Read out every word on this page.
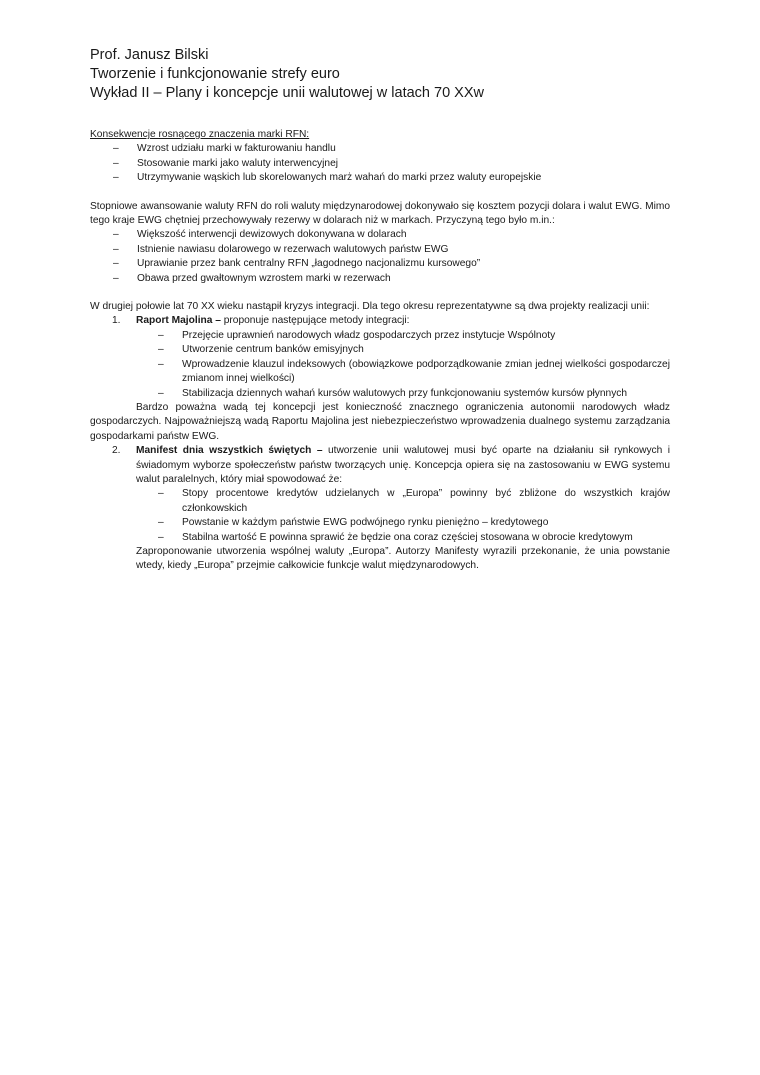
Prof. Janusz Bilski
Tworzenie i funkcjonowanie strefy euro
Wykład II – Plany i koncepcje unii walutowej w latach 70 XXw
Konsekwencje rosnącego znaczenia marki RFN:
– Wzrost udziału marki w fakturowaniu handlu
– Stosowanie marki jako waluty interwencyjnej
– Utrzymywanie wąskich lub skorelowanych marż wahań do marki przez waluty europejskie
Stopniowe awansowanie waluty RFN do roli waluty międzynarodowej dokonywało się kosztem pozycji dolara i walut EWG. Mimo tego kraje EWG chętniej przechowywały rezerwy w dolarach niż w markach. Przyczyną tego było m.in.:
– Większość interwencji dewizowych dokonywana w dolarach
– Istnienie nawiasu dolarowego w rezerwach walutowych państw EWG
– Uprawianie przez bank centralny RFN „łagodnego nacjonalizmu kursowego”
– Obawa przed gwałtownym wzrostem marki w rezerwach
W drugiej połowie lat 70 XX wieku nastąpił kryzys integracji. Dla tego okresu reprezentatywne są dwa projekty realizacji unii:
1. Raport Majolina – proponuje następujące metody integracji:
– Przejęcie uprawnień narodowych władz gospodarczych przez instytucje Wspólnoty
– Utworzenie centrum banków emisyjnych
– Wprowadzenie klauzul indeksowych (obowiązkowe podporządkowanie zmian jednej wielkości gospodarczej zmianom innej wielkości)
– Stabilizacja dziennych wahań kursów walutowych przy funkcjonowaniu systemów kursów płynnych
Bardzo poważna wadą tej koncepcji jest konieczność znacznego ograniczenia autonomii narodowych władz gospodarczych. Najpoważniejszą wadą Raportu Majolina jest niebezpieczeństwo wprowadzenia dualnego systemu zarządzania gospodarkami państw EWG.
2. Manifest dnia wszystkich świętych – utworzenie unii walutowej musi być oparte na działaniu sił rynkowych i świadomym wyborze społeczeństw państw tworzących unię. Koncepcja opiera się na zastosowaniu w EWG systemu walut paralelnych, który miał spowodować że:
– Stopy procentowe kredytów udzielanych w „Europa” powinny być zbliżone do wszystkich krajów członkowskich
– Powstanie w każdym państwie EWG podwójnego rynku pieniężno – kredytowego
– Stabilna wartość E powinna sprawić że będzie ona coraz częściej stosowana w obrocie kredytowym
Zaproponowanie utworzenia wspólnej waluty „Europa”. Autorzy Manifesty wyrazili przekonanie, że unia powstanie wtedy, kiedy „Europa” przejmie całkowicie funkcje walut międzynarodowych.
